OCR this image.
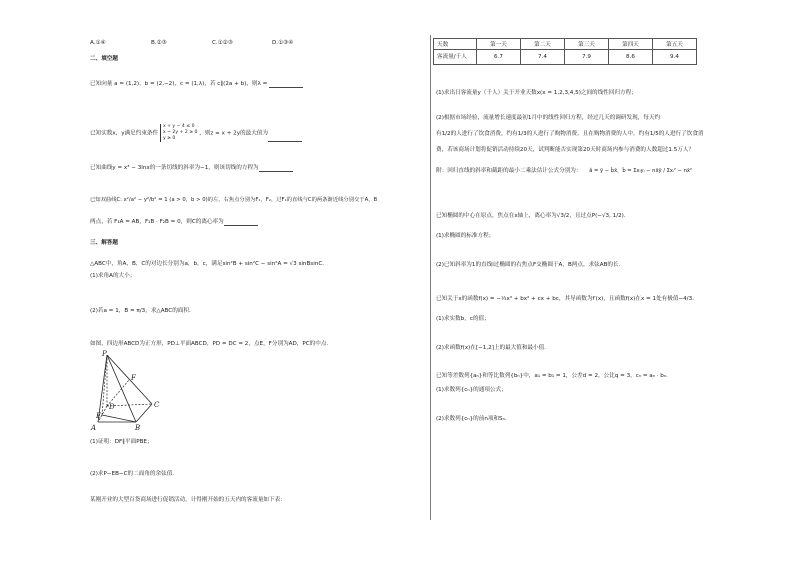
A.①④	B.②③	C.①②③	D.①③④
二、填空题
已知向量 a = (1,2)，b = (2,−2)，c = (1,λ)，若 c∥(2a + b)，则λ =
已知实数x，y满足约束条件
x + y − 4 ≤ 0
x − 2y + 2 ≥ 0
y ≥ 0
，则z = x + 2y的最大值为
已知曲线y = x³ − 3lnx的一条切线的斜率为−1，则该切线的方程为
已知双曲线C: x²/a² − y²/b² = 1 (a > 0，b > 0)的左、右焦点分别为F₁，F₂，过F₁的直线与C的两条渐近线分别交于A，B
两点，若 F₁A = AB，F₁B · F₂B = 0，则C的离心率为
三、解答题
△ABC中，角A，B，C的对边长分别为a，b，c，满足sin²B + sin²C − sin²A = √3 sinBsinC.
(1)求角A的大小；
(2)若a = 1，B = π/3，求△ABC的面积.
如图，四边形ABCD为正方形，PD⊥平面ABCD，PD = DC = 2，点E，F分别为AD，PC的中点.
P
F
D	C
E
A	B
(1)证明：DF∥平面PBE；
(2)求P−EB−C的二面角的余弦值.
某刚开业的大型百货商场进行促销活动，计得刚开始的五天内的客流量如下表：
天数	第一天	第二天	第三天	第四天	第五天
客流量/千人	6.7	7.4	7.9	8.6	9.4
(1)求出日客流量y（千人）关于开业天数x(x = 1,2,3,4,5)之间的线性回归方程；
(2)根据市场经验，流量增长速度最初1月中的线性回归方程，经过几天的调研发现，每天约
有1/2的人进行了饮食消费，约有1/3的人进行了购物消费，且在购物消费的人中，约有1/5的人进行了饮食消
费，若该商场计划将促销活动持续20天，试判断能否实现第20天时商场内参与消费的人数超过1.5万人？
附：回归直线的斜率和截距的最小二乘法估计公式分别为： â = ȳ − b̂x̄，b̂ = Σxᵢyᵢ − nx̄ȳ / Σxᵢ² − nx̄²
已知椭圆的中心在原点，焦点在x轴上，离心率为√3/2，且过点P(−√3, 1/2).
(1)求椭圆的标准方程；
(2)已知斜率为1的直线l过椭圆的右焦点F交椭圆于A，B两点，求弦AB的长.
已知关于x的函数f(x) = −⅓x³ + bx² + cx + bc，其导函数为f′(x)，且函数f(x)在x = 1处有极值−4/3.
(1)求实数b，c的值；
(2)求函数f(x)在[−1,2]上的最大值和最小值.
已知等差数列{aₙ}和等比数列{bₙ}中，a₁ = b₁ = 1，公差d = 2，公比q = 3，cₙ = aₙ · bₙ.
(1)求数列{cₙ}的通项公式；
(2)求数列{cₙ}的前n项和Sₙ.
